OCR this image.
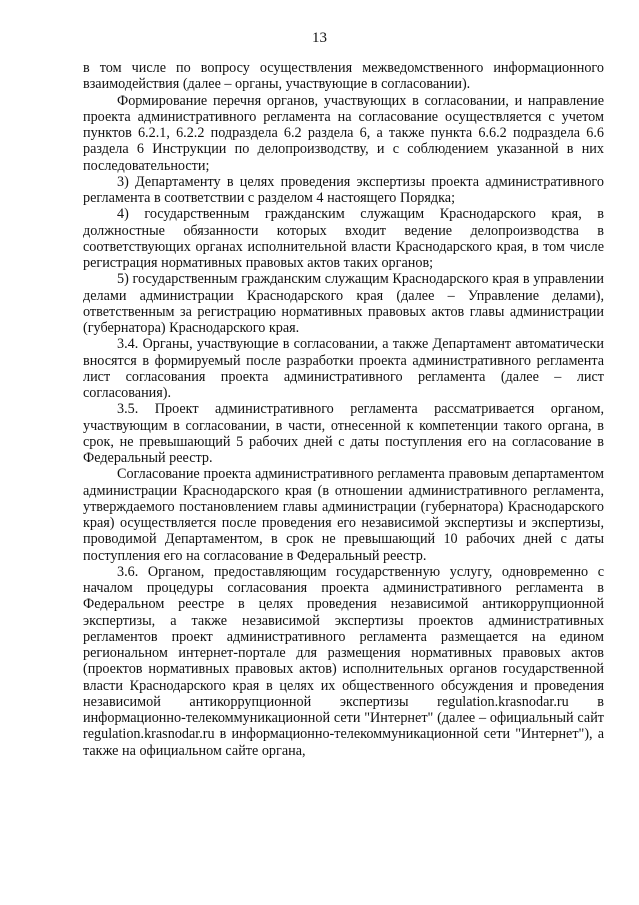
13

в том числе по вопросу осуществления межведомственного информационного взаимодействия (далее – органы, участвующие в согласовании).

Формирование перечня органов, участвующих в согласовании, и направление проекта административного регламента на согласование осуществляется с учетом пунктов 6.2.1, 6.2.2 подраздела 6.2 раздела 6, а также пункта 6.6.2 подраздела 6.6 раздела 6 Инструкции по делопроизводству, и с соблюдением указанной в них последовательности;

3) Департаменту в целях проведения экспертизы проекта административного регламента в соответствии с разделом 4 настоящего Порядка;

4) государственным гражданским служащим Краснодарского края, в должностные обязанности которых входит ведение делопроизводства в соответствующих органах исполнительной власти Краснодарского края, в том числе регистрация нормативных правовых актов таких органов;

5) государственным гражданским служащим Краснодарского края в управлении делами администрации Краснодарского края (далее – Управление делами), ответственным за регистрацию нормативных правовых актов главы администрации (губернатора) Краснодарского края.

3.4. Органы, участвующие в согласовании, а также Департамент автоматически вносятся в формируемый после разработки проекта административного регламента лист согласования проекта административного регламента (далее – лист согласования).

3.5. Проект административного регламента рассматривается органом, участвующим в согласовании, в части, отнесенной к компетенции такого органа, в срок, не превышающий 5 рабочих дней с даты поступления его на согласование в Федеральный реестр.

Согласование проекта административного регламента правовым департаментом администрации Краснодарского края (в отношении административного регламента, утверждаемого постановлением главы администрации (губернатора) Краснодарского края) осуществляется после проведения его независимой экспертизы и экспертизы, проводимой Департаментом, в срок не превышающий 10 рабочих дней с даты поступления его на согласование в Федеральный реестр.

3.6. Органом, предоставляющим государственную услугу, одновременно с началом процедуры согласования проекта административного регламента в Федеральном реестре в целях проведения независимой антикоррупционной экспертизы, а также независимой экспертизы проектов административных регламентов проект административного регламента размещается на едином региональном интернет-портале для размещения нормативных правовых актов (проектов нормативных правовых актов) исполнительных органов государственной власти Краснодарского края в целях их общественного обсуждения и проведения независимой антикоррупционной экспертизы regulation.krasnodar.ru в информационно-телекоммуникационной сети "Интернет" (далее – официальный сайт regulation.krasnodar.ru в информационно-телекоммуникационной сети "Интернет"), а также на официальном сайте органа,
